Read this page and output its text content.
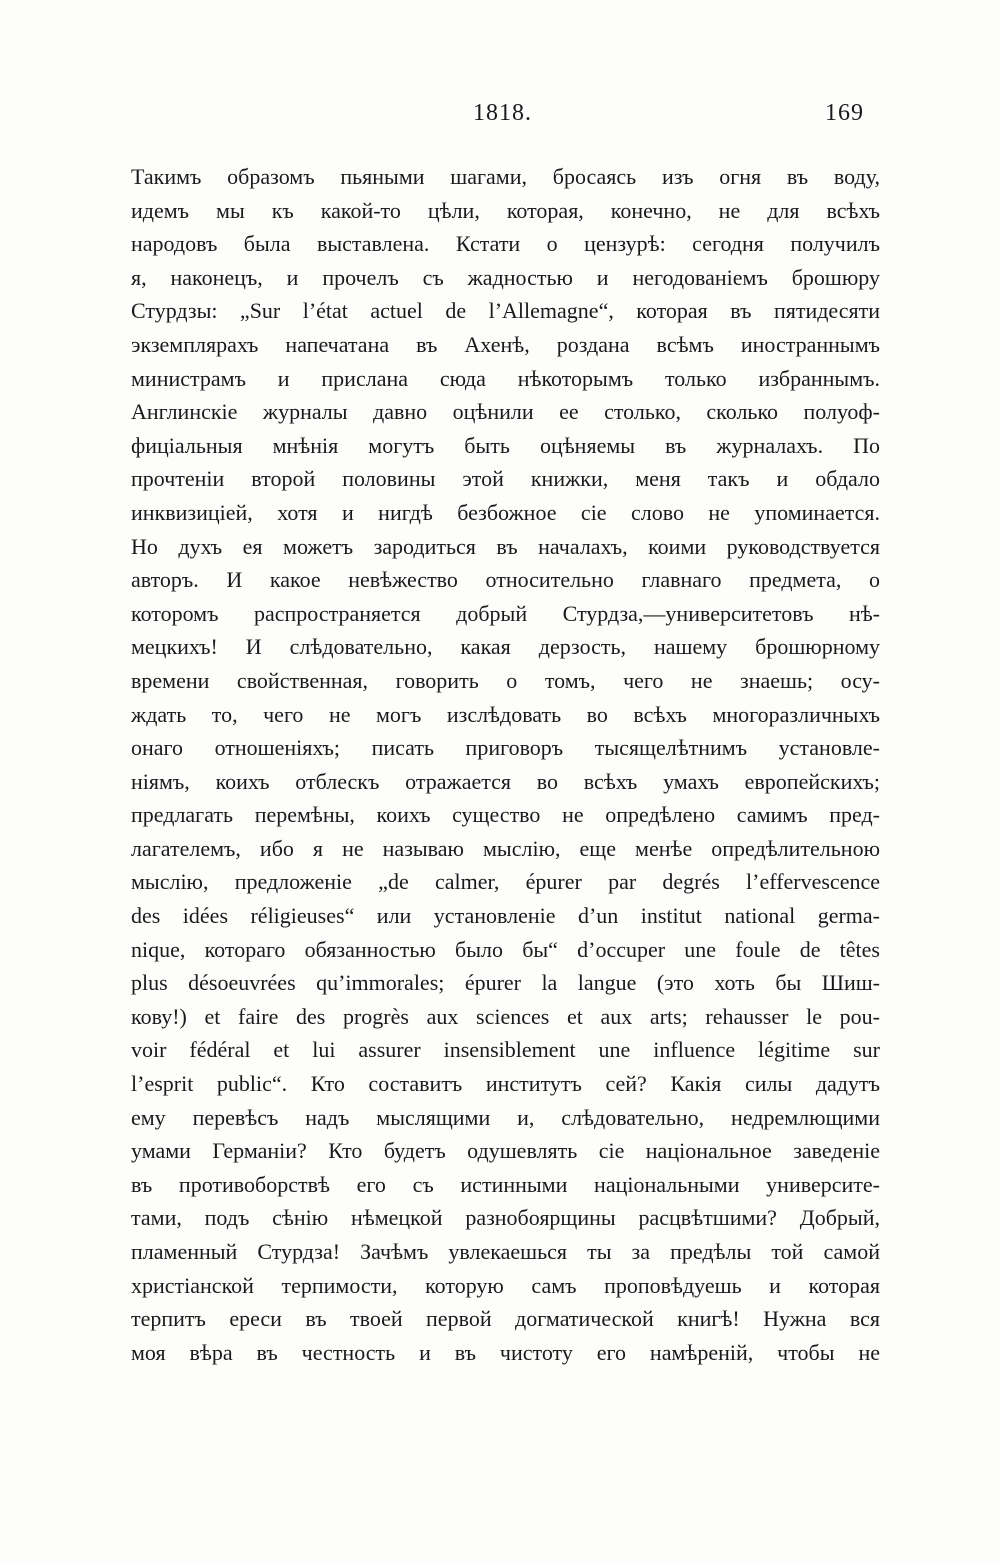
1818.	169
Такимъ образомъ пьяными шагами, бросаясь изъ огня въ воду,
идемъ мы къ какой-то цѣли, которая, конечно, не для всѣхъ
народовъ была выставлена. Кстати о цензурѣ: сегодня получилъ
я, наконецъ, и прочелъ съ жадностью и негодованіемъ брошюру
Стурдзы: „Sur l’état actuel de l’Allemagne“, которая въ пятидесяти
экземплярахъ напечатана въ Ахенѣ, роздана всѣмъ иностраннымъ
министрамъ и прислана сюда нѣкоторымъ только избраннымъ.
Англинскіе журналы давно оцѣнили ее столько, сколько полуоф-
фиціальныя мнѣнія могутъ быть оцѣняемы въ журналахъ. По
прочтеніи второй половины этой книжки, меня такъ и обдало
инквизиціей, хотя и нигдѣ безбожное сіе слово не упоминается.
Но духъ ея можетъ зародиться въ началахъ, коими руководствуется
авторъ. И какое невѣжество относительно главнаго предмета, о
которомъ распространяется добрый Стурдза,—университетовъ нѣ-
мецкихъ! И слѣдовательно, какая дерзость, нашему брошюрному
времени свойственная, говорить о томъ, чего не знаешь; осу-
ждать то, чего не могъ изслѣдовать во всѣхъ многоразличныхъ
онаго отношеніяхъ; писать приговоръ тысящелѣтнимъ установле-
ніямъ, коихъ отблескъ отражается во всѣхъ умахъ европейскихъ;
предлагать перемѣны, коихъ существо не опредѣлено самимъ пред-
лагателемъ, ибо я не называю мыслію, еще менѣе опредѣлительною
мыслію, предложеніе „de calmer, épurer par degrés l’effervescence
des idées réligieuses“ или установленіе d’un institut national germa-
nique, котораго обязанностью было бы“ d’occuper une foule de têtes
plus désoeuvrées qu’immorales; épurer la langue (это хоть бы Шиш-
кову!) et faire des progrès aux sciences et aux arts; rehausser le pou-
voir fédéral et lui assurer insensiblement une influence légitime sur
l’esprit public“. Кто составитъ институтъ сей? Какія силы дадутъ
ему перевѣсъ надъ мыслящими и, слѣдовательно, недремлющими
умами Германіи? Кто будетъ одушевлять сіе національное заведеніе
въ противоборствѣ его съ истинными національными университе-
тами, подъ сѣнію нѣмецкой разнобоярщины расцвѣтшими? Добрый,
пламенный Стурдза! Зачѣмъ увлекаешься ты за предѣлы той самой
христіанской терпимости, которую самъ проповѣдуешь и которая
терпитъ ереси въ твоей первой догматической книгѣ! Нужна вся
моя вѣра въ честность и въ чистоту его намѣреній, чтобы не
